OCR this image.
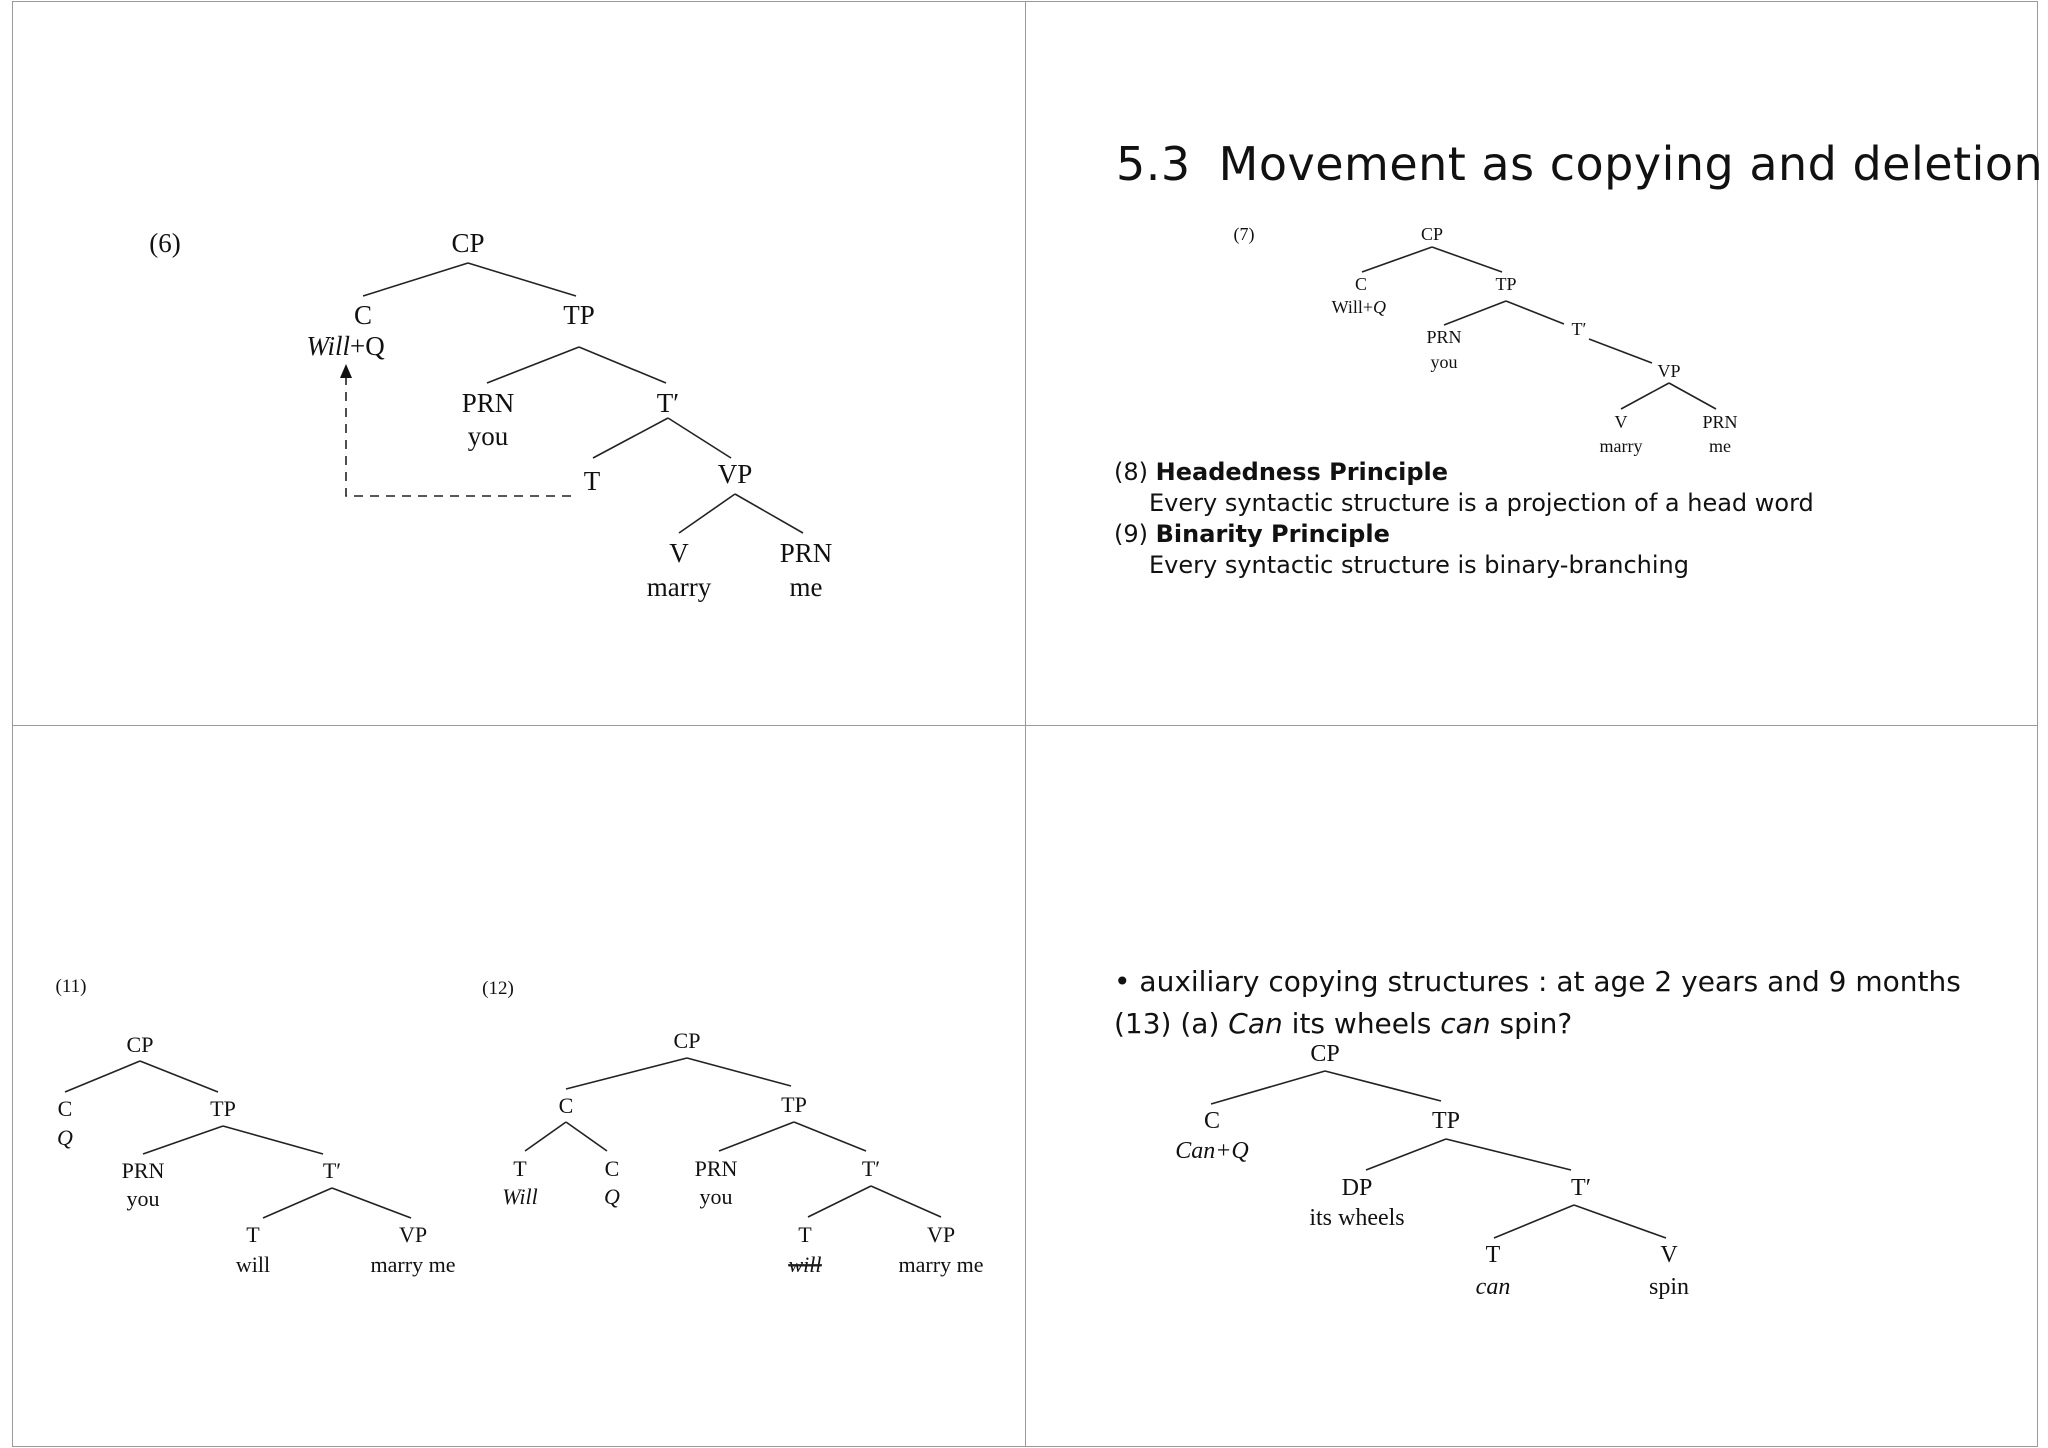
(6)	CP
C
Will +Q
TP
PRN
you
T′
T	VP
V
marry
PRN
me
5.3 Movement as copying and deletion
(7)	CP
C
Will+ Q
TP
PRN
you
T′
VP
V
marry
PRN
me
(8) Headedness Principle
Every syntactic structure is a projection of a head word
(9) Binarity Principle
Every syntactic structure is binary-branching
(11)
CP
C
Q
TP
PRN
you
T′
T
will
VP
marry me
(12)
CP
C
T
Will
C
Q
TP
PRN
you
T′
T
will
VP
marry me
• auxiliary copying structures : at age 2 years and 9 months
(13) (a) Can its wheels can spin?
CP
C
Can+Q
TP
DP
its wheels
T′
T
can
V
spin
